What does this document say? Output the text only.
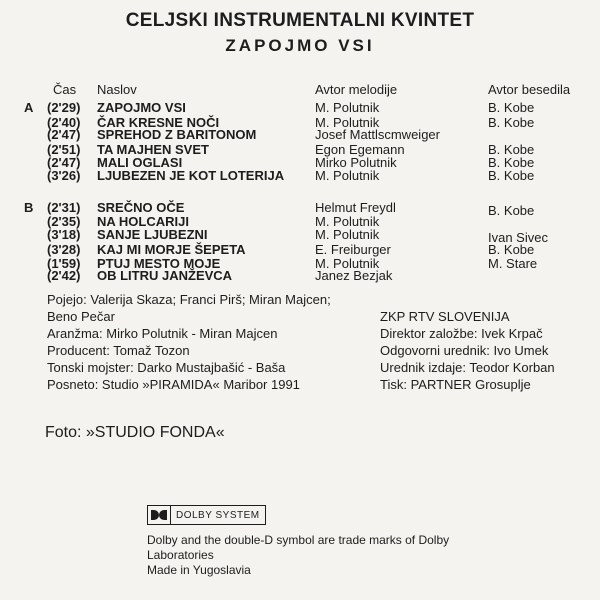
CELJSKI INSTRUMENTALNI KVINTET
ZAPOJMO VSI
Čas Naslov	Avtor melodije	Avtor besedila
A (2'29) ZAPOJMO VSI	M. Polutnik	B. Kobe
(2'40) ČAR KRESNE NOČI	M. Polutnik	B. Kobe
(2'47) SPREHOD Z BARITONOM	Josef Mattlscmweiger
(2'51) TA MAJHEN SVET	Egon Egemann	B. Kobe
(2'47) MALI OGLASI	Mirko Polutnik	B. Kobe
(3'26) LJUBEZEN JE KOT LOTERIJA M. Polutnik	B. Kobe
B (2'31) SREČNO OČE	Helmut Freydl	B. Kobe
(2'35) NA HOLCARIJI	M. Polutnik
(3'18) SANJE LJUBEZNI	M. Polutnik	Ivan Sivec
(3'28) KAJ MI MORJE ŠEPETA	E. Freiburger	B. Kobe
(1'59) PTUJ MESTO MOJE	M. Polutnik	M. Stare
(2'42) OB LITRU JANŽEVCA	Janez Bezjak
Pojejo: Valerija Skaza; Franci Pirš; Miran Majcen;
Beno Pečar
Aranžma: Mirko Polutnik - Miran Majcen
Producent: Tomaž Tozon
Tonski mojster: Darko Mustajbašić - Baša
Posneto: Studio »PIRAMIDA« Maribor 1991
ZKP RTV SLOVENIJA
Direktor založbe: Ivek Krpač
Odgovorni urednik: Ivo Umek
Urednik izdaje: Teodor Korban
Tisk: PARTNER Grosuplje
Foto: »STUDIO FONDA«
DOLBY SYSTEM
Dolby and the double-D symbol are trade marks of Dolby
Laboratories
Made in Yugoslavia
